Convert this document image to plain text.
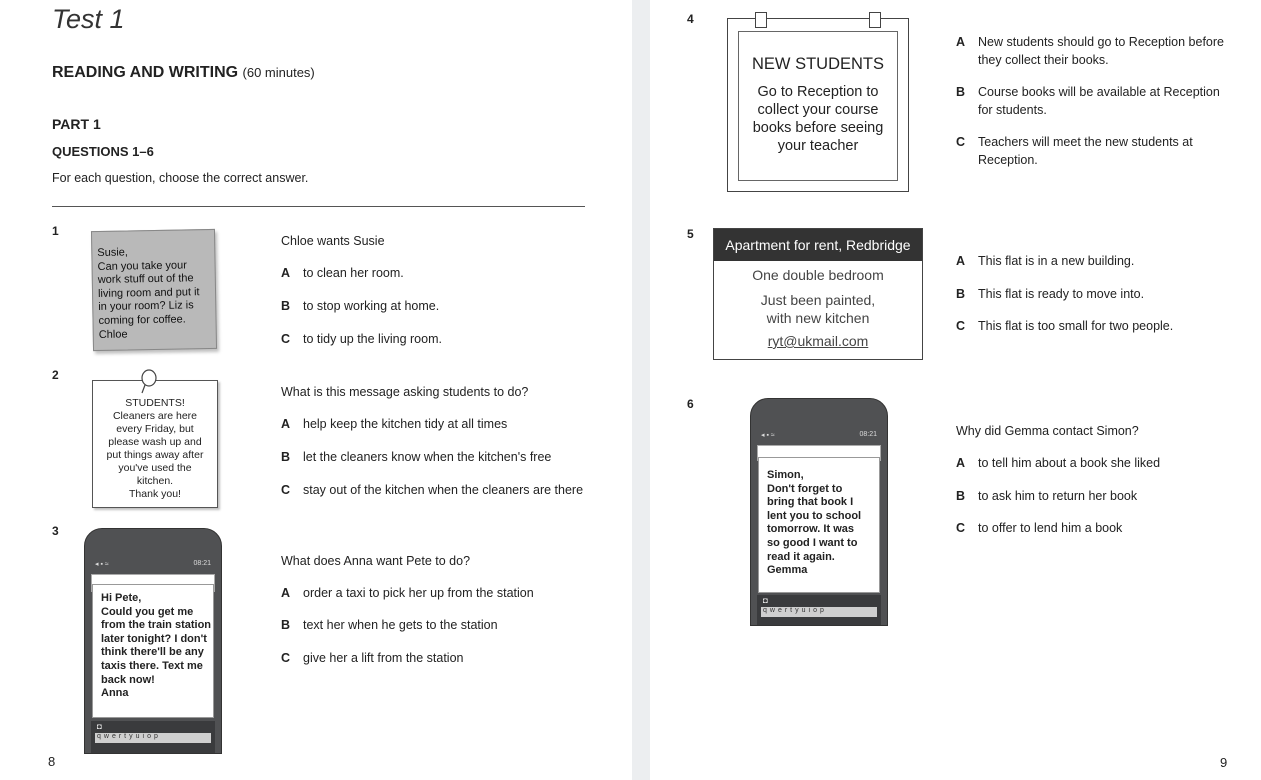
Test 1
READING AND WRITING (60 minutes)
PART 1
QUESTIONS 1–6
For each question, choose the correct answer.
1
Susie,
Can you take your
work stuff out of the
living room and put it
in your room? Liz is
coming for coffee.
Chloe
Chloe wants Susie
A to clean her room.
B to stop working at home.
C to tidy up the living room.
2
STUDENTS!
Cleaners are here
every Friday, but
please wash up and
put things away after
you've used the
kitchen.
Thank you!
What is this message asking students to do?
A help keep the kitchen tidy at all times
B let the cleaners know when the kitchen's free
C stay out of the kitchen when the cleaners are there
3
◂ ▪ ≈	08:21
Hi Pete,
Could you get me
from the train station
later tonight? I don't
think there'll be any
taxis there. Text me
back now!
Anna
◘
qwertyuiop
What does Anna want Pete to do?
A order a taxi to pick her up from the station
B text her when he gets to the station
C give her a lift from the station
8
4
NEW STUDENTS
Go to Reception to
collect your course
books before seeing
your teacher
A New students should go to Reception before they collect their books.
B Course books will be available at Reception for students.
C Teachers will meet the new students at Reception.
5
Apartment for rent, Redbridge
One double bedroom
Just been painted,
with new kitchen
ryt@ukmail.com
A This flat is in a new building.
B This flat is ready to move into.
C This flat is too small for two people.
6
◂ ▪ ≈	08:21
Simon,
Don't forget to
bring that book I
lent you to school
tomorrow. It was
so good I want to
read it again.
Gemma
◘
qwertyuiop
Why did Gemma contact Simon?
A to tell him about a book she liked
B to ask him to return her book
C to offer to lend him a book
9
